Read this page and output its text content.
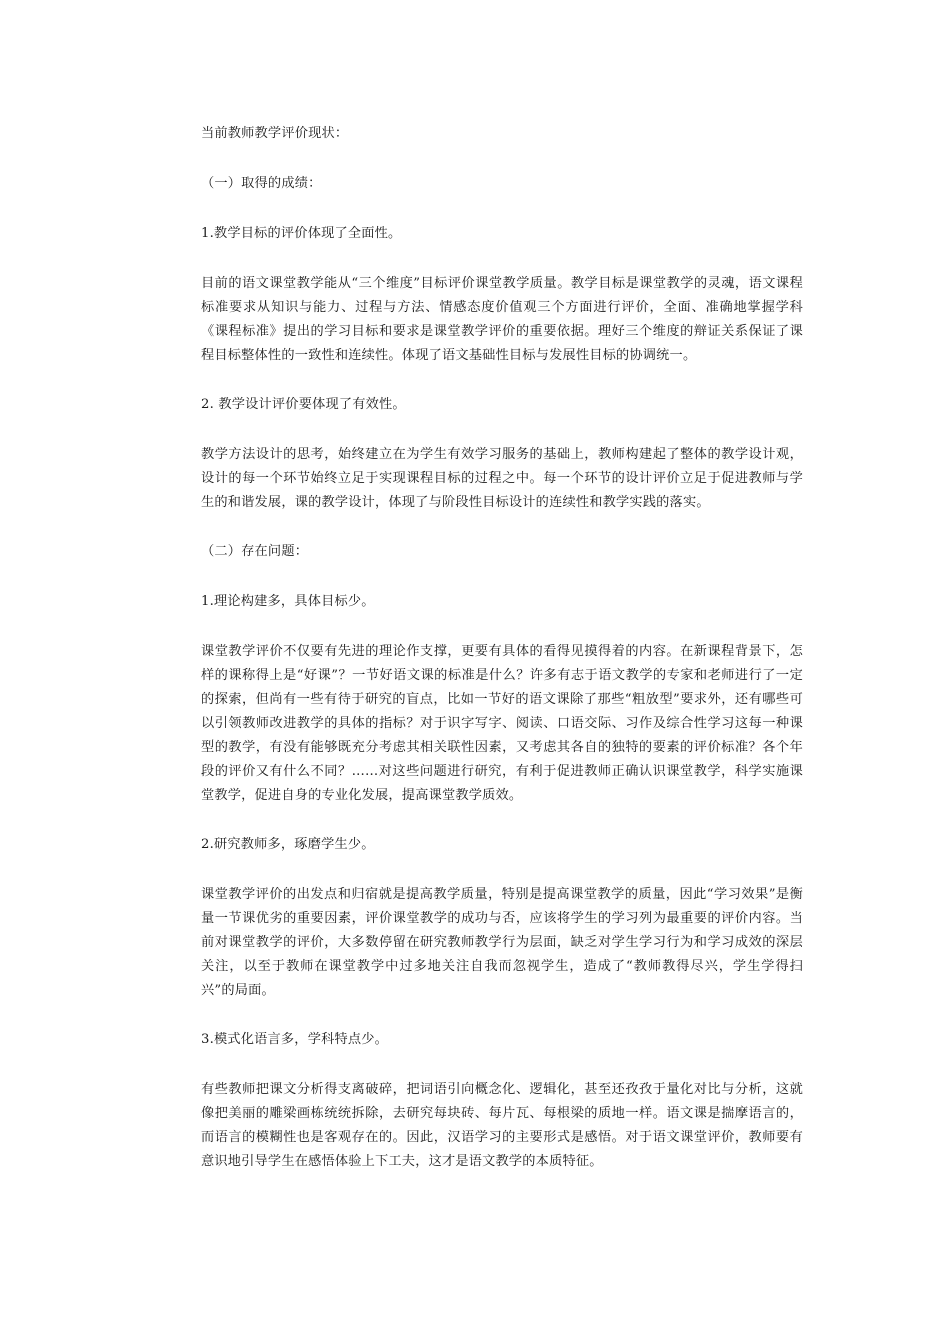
当前教师教学评价现状：

（一）取得的成绩：

1.教学目标的评价体现了全面性。

目前的语文课堂教学能从“三个维度”目标评价课堂教学质量。教学目标是课堂教学的灵魂，语文课程标准要求从知识与能力、过程与方法、情感态度价值观三个方面进行评价，全面、准确地掌握学科《课程标准》提出的学习目标和要求是课堂教学评价的重要依据。理好三个维度的辩证关系保证了课程目标整体性的一致性和连续性。体现了语文基础性目标与发展性目标的协调统一。

2. 教学设计评价要体现了有效性。

教学方法设计的思考，始终建立在为学生有效学习服务的基础上，教师构建起了整体的教学设计观，设计的每一个环节始终立足于实现课程目标的过程之中。每一个环节的设计评价立足于促进教师与学生的和谐发展，课的教学设计，体现了与阶段性目标设计的连续性和教学实践的落实。

（二）存在问题：

1.理论构建多，具体目标少。

课堂教学评价不仅要有先进的理论作支撑，更要有具体的看得见摸得着的内容。在新课程背景下，怎样的课称得上是“好课”？一节好语文课的标准是什么？许多有志于语文教学的专家和老师进行了一定的探索，但尚有一些有待于研究的盲点，比如一节好的语文课除了那些“粗放型”要求外，还有哪些可以引领教师改进教学的具体的指标？对于识字写字、阅读、口语交际、习作及综合性学习这每一种课型的教学，有没有能够既充分考虑其相关联性因素，又考虑其各自的独特的要素的评价标准？各个年段的评价又有什么不同？……对这些问题进行研究，有利于促进教师正确认识课堂教学，科学实施课堂教学，促进自身的专业化发展，提高课堂教学质效。

2.研究教师多，琢磨学生少。

课堂教学评价的出发点和归宿就是提高教学质量，特别是提高课堂教学的质量，因此“学习效果”是衡量一节课优劣的重要因素，评价课堂教学的成功与否，应该将学生的学习列为最重要的评价内容。当前对课堂教学的评价，大多数停留在研究教师教学行为层面，缺乏对学生学习行为和学习成效的深层关注，以至于教师在课堂教学中过多地关注自我而忽视学生，造成了“教师教得尽兴，学生学得扫兴”的局面。

3.模式化语言多，学科特点少。

有些教师把课文分析得支离破碎，把词语引向概念化、逻辑化，甚至还孜孜于量化对比与分析，这就像把美丽的雕梁画栋统统拆除，去研究每块砖、每片瓦、每根梁的质地一样。语文课是揣摩语言的，而语言的模糊性也是客观存在的。因此，汉语学习的主要形式是感悟。对于语文课堂评价，教师要有意识地引导学生在感悟体验上下工夫，这才是语文教学的本质特征。
